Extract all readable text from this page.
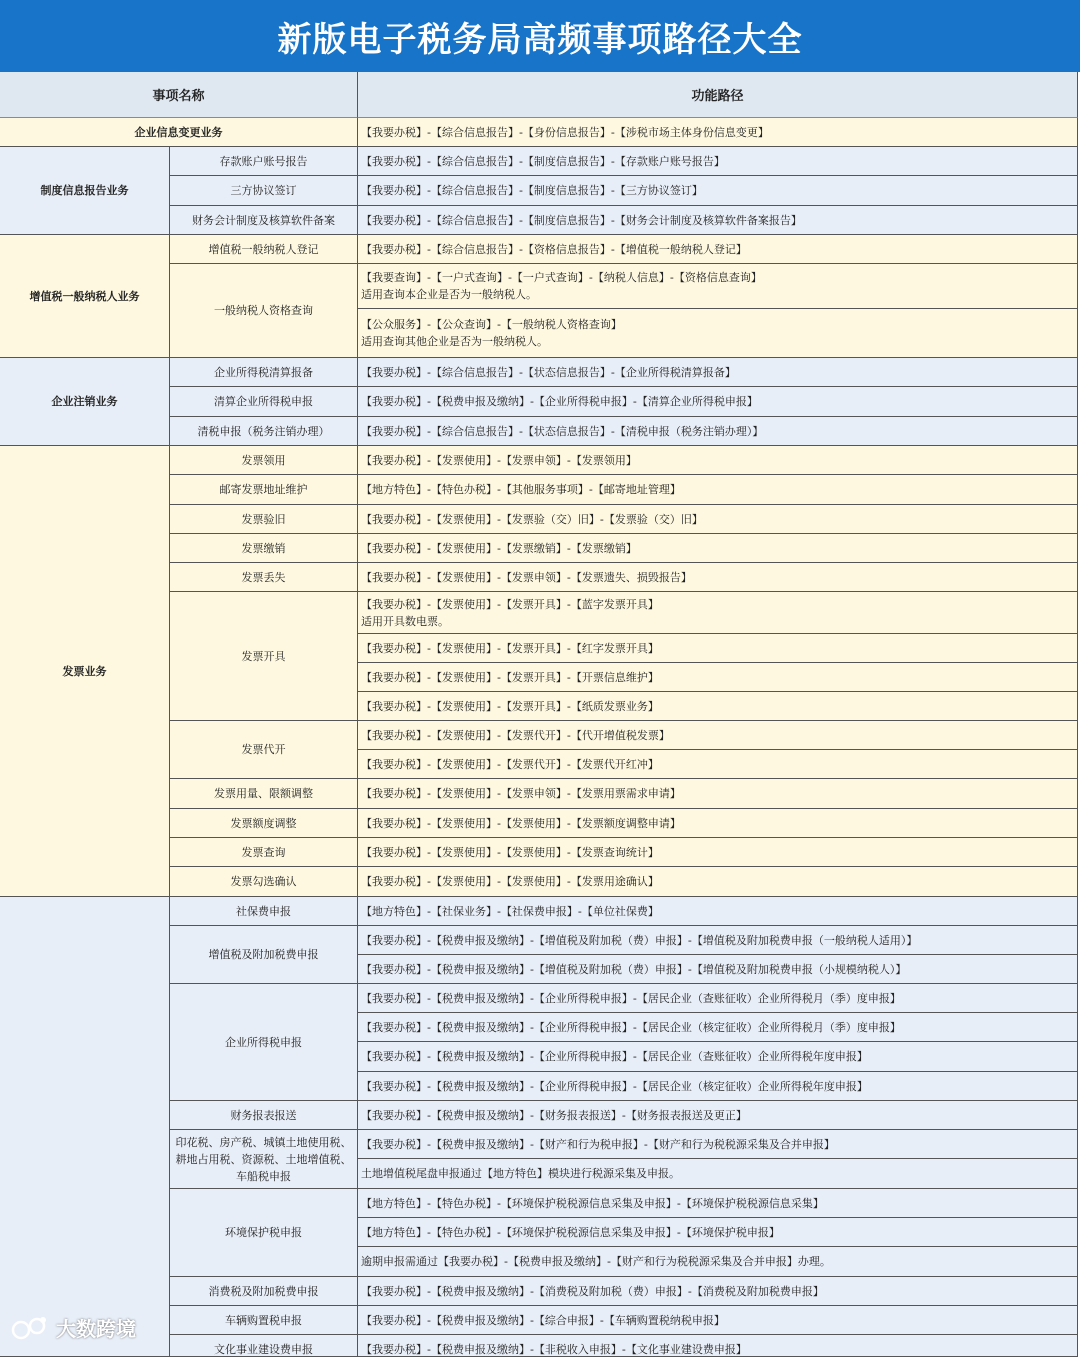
新版电子税务局高频事项路径大全
事项名称	功能路径
企业信息变更业务	【我要办税】-【综合信息报告】-【身份信息报告】-【涉税市场主体身份信息变更】
制度信息报告业务
存款账户账号报告	【我要办税】-【综合信息报告】-【制度信息报告】-【存款账户账号报告】
三方协议签订	【我要办税】-【综合信息报告】-【制度信息报告】-【三方协议签订】
财务会计制度及核算软件备案	【我要办税】-【综合信息报告】-【制度信息报告】-【财务会计制度及核算软件备案报告】
增值税一般纳税人业务
增值税一般纳税人登记	【我要办税】-【综合信息报告】-【资格信息报告】-【增值税一般纳税人登记】
一般纳税人资格查询
【我要查询】-【一户式查询】-【一户式查询】-【纳税人信息】-【资格信息查询】
适用查询本企业是否为一般纳税人。
【公众服务】-【公众查询】-【一般纳税人资格查询】
适用查询其他企业是否为一般纳税人。
企业注销业务
企业所得税清算报备	【我要办税】-【综合信息报告】-【状态信息报告】-【企业所得税清算报备】
清算企业所得税申报	【我要办税】-【税费申报及缴纳】-【企业所得税申报】-【清算企业所得税申报】
清税申报（税务注销办理）	【我要办税】-【综合信息报告】-【状态信息报告】-【清税申报（税务注销办理）】
发票业务
发票领用	【我要办税】-【发票使用】-【发票申领】-【发票领用】
邮寄发票地址维护	【地方特色】-【特色办税】-【其他服务事项】-【邮寄地址管理】
发票验旧	【我要办税】-【发票使用】-【发票验（交）旧】-【发票验（交）旧】
发票缴销	【我要办税】-【发票使用】-【发票缴销】-【发票缴销】
发票丢失	【我要办税】-【发票使用】-【发票申领】-【发票遗失、损毁报告】
发票开具
【我要办税】-【发票使用】-【发票开具】-【蓝字发票开具】
适用开具数电票。
【我要办税】-【发票使用】-【发票开具】-【红字发票开具】
【我要办税】-【发票使用】-【发票开具】-【开票信息维护】
【我要办税】-【发票使用】-【发票开具】-【纸质发票业务】
发票代开
【我要办税】-【发票使用】-【发票代开】-【代开增值税发票】
【我要办税】-【发票使用】-【发票代开】-【发票代开红冲】
发票用量、限额调整	【我要办税】-【发票使用】-【发票申领】-【发票用票需求申请】
发票额度调整	【我要办税】-【发票使用】-【发票使用】-【发票额度调整申请】
发票查询	【我要办税】-【发票使用】-【发票使用】-【发票查询统计】
发票勾选确认	【我要办税】-【发票使用】-【发票使用】-【发票用途确认】
社保费申报	【地方特色】-【社保业务】-【社保费申报】-【单位社保费】
增值税及附加税费申报
【我要办税】-【税费申报及缴纳】-【增值税及附加税（费）申报】-【增值税及附加税费申报（一般纳税人适用）】
【我要办税】-【税费申报及缴纳】-【增值税及附加税（费）申报】-【增值税及附加税费申报（小规模纳税人）】
企业所得税申报
【我要办税】-【税费申报及缴纳】-【企业所得税申报】-【居民企业（查账征收）企业所得税月（季）度申报】
【我要办税】-【税费申报及缴纳】-【企业所得税申报】-【居民企业（核定征收）企业所得税月（季）度申报】
【我要办税】-【税费申报及缴纳】-【企业所得税申报】-【居民企业（查账征收）企业所得税年度申报】
【我要办税】-【税费申报及缴纳】-【企业所得税申报】-【居民企业（核定征收）企业所得税年度申报】
财务报表报送	【我要办税】-【税费申报及缴纳】-【财务报表报送】-【财务报表报送及更正】
印花税、房产税、城镇土地使用税、耕地占用税、资源税、土地增值税、车船税申报
【我要办税】-【税费申报及缴纳】-【财产和行为税申报】-【财产和行为税税源采集及合并申报】
土地增值税尾盘申报通过【地方特色】模块进行税源采集及申报。
环境保护税申报
【地方特色】-【特色办税】-【环境保护税税源信息采集及申报】-【环境保护税税源信息采集】
【地方特色】-【特色办税】-【环境保护税税源信息采集及申报】-【环境保护税申报】
逾期申报需通过【我要办税】-【税费申报及缴纳】-【财产和行为税税源采集及合并申报】办理。
消费税及附加税费申报	【我要办税】-【税费申报及缴纳】-【消费税及附加税（费）申报】-【消费税及附加税费申报】
车辆购置税申报	【我要办税】-【税费申报及缴纳】-【综合申报】-【车辆购置税纳税申报】
文化事业建设费申报	【我要办税】-【税费申报及缴纳】-【非税收入申报】-【文化事业建设费申报】
大数跨境
